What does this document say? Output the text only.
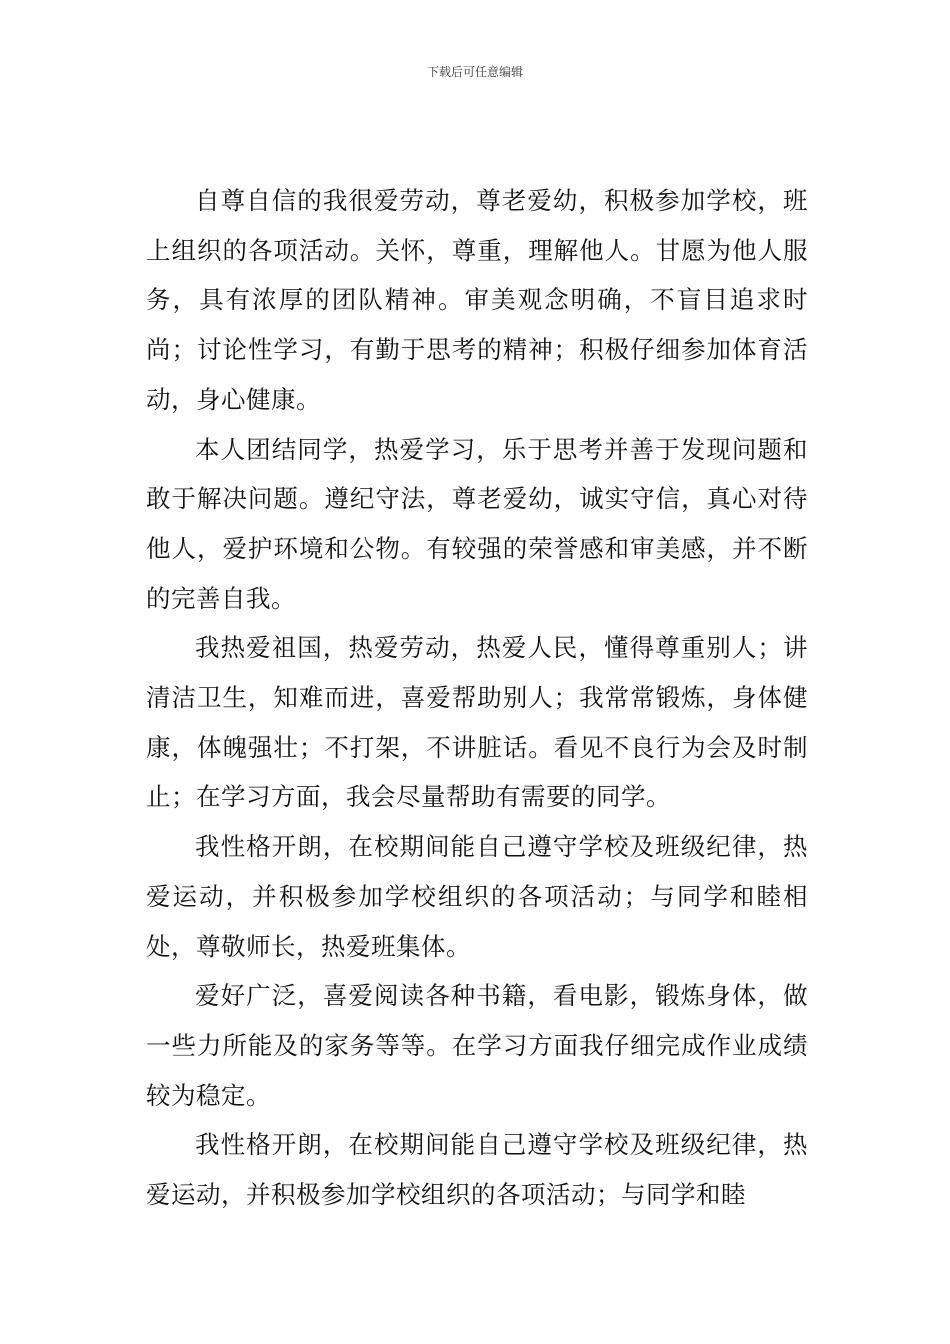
下载后可任意编辑

自尊自信的我很爱劳动，尊老爱幼，积极参加学校，班上组织的各项活动。关怀，尊重，理解他人。甘愿为他人服务，具有浓厚的团队精神。审美观念明确，不盲目追求时尚；讨论性学习，有勤于思考的精神；积极仔细参加体育活动，身心健康。

本人团结同学，热爱学习，乐于思考并善于发现问题和敢于解决问题。遵纪守法，尊老爱幼，诚实守信，真心对待他人，爱护环境和公物。有较强的荣誉感和审美感，并不断的完善自我。

我热爱祖国，热爱劳动，热爱人民，懂得尊重别人；讲清洁卫生，知难而进，喜爱帮助别人；我常常锻炼，身体健康，体魄强壮；不打架，不讲脏话。看见不良行为会及时制止；在学习方面，我会尽量帮助有需要的同学。

我性格开朗，在校期间能自己遵守学校及班级纪律，热爱运动，并积极参加学校组织的各项活动；与同学和睦相处，尊敬师长，热爱班集体。

爱好广泛，喜爱阅读各种书籍，看电影，锻炼身体，做一些力所能及的家务等等。在学习方面我仔细完成作业成绩较为稳定。

我性格开朗，在校期间能自己遵守学校及班级纪律，热爱运动，并积极参加学校组织的各项活动；与同学和睦
